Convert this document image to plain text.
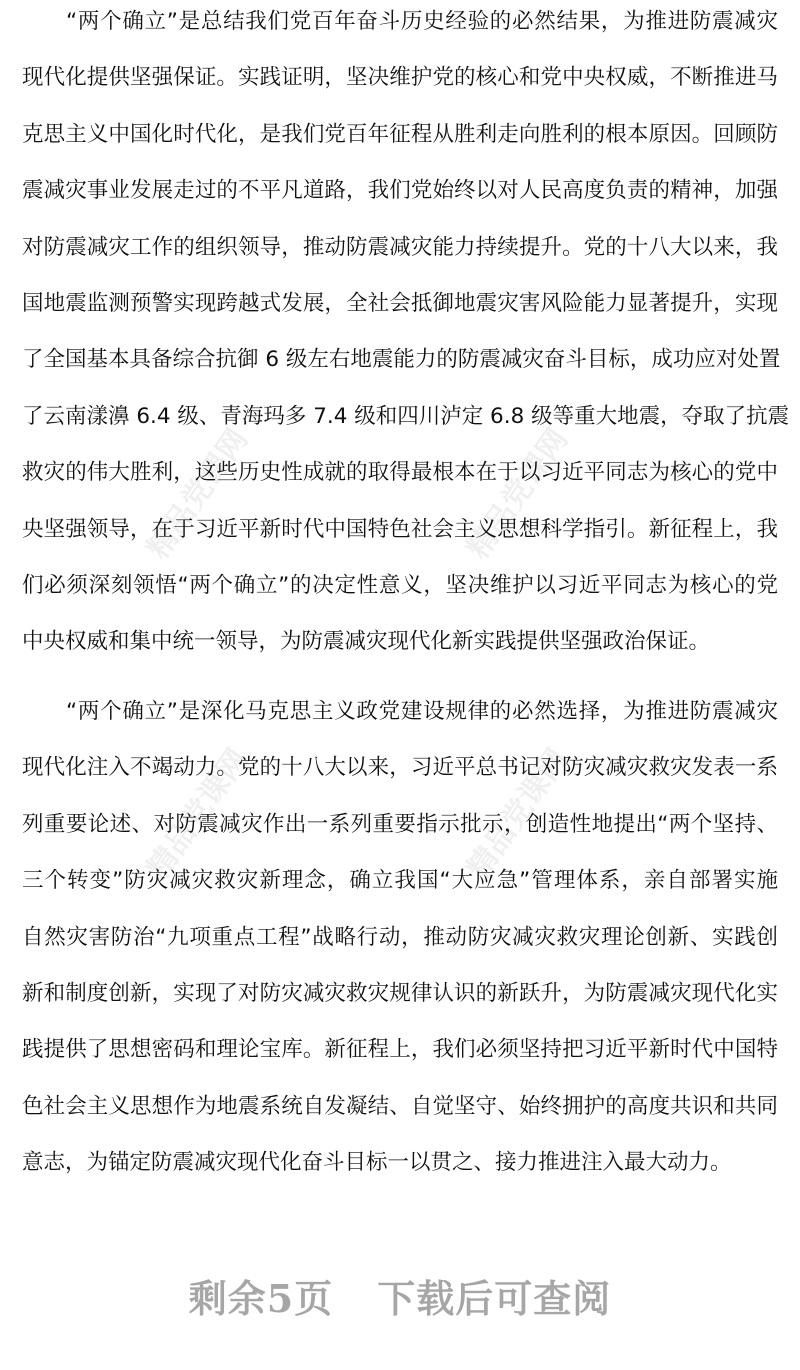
精品党课网	精品党课网
精品党课网	精品党课网
“两个确立”是总结我们党百年奋斗历史经验的必然结果，为推进防震减灾
现代化提供坚强保证。实践证明，坚决维护党的核心和党中央权威，不断推进马
克思主义中国化时代化，是我们党百年征程从胜利走向胜利的根本原因。回顾防
震减灾事业发展走过的不平凡道路，我们党始终以对人民高度负责的精神，加强
对防震减灾工作的组织领导，推动防震减灾能力持续提升。党的十八大以来，我
国地震监测预警实现跨越式发展，全社会抵御地震灾害风险能力显著提升，实现
了全国基本具备综合抗御 6 级左右地震能力的防震减灾奋斗目标，成功应对处置
了云南漾濞 6.4 级、青海玛多 7.4 级和四川泸定 6.8 级等重大地震，夺取了抗震
救灾的伟大胜利，这些历史性成就的取得最根本在于以习近平同志为核心的党中
央坚强领导，在于习近平新时代中国特色社会主义思想科学指引。新征程上，我
们必须深刻领悟“两个确立”的决定性意义，坚决维护以习近平同志为核心的党
中央权威和集中统一领导，为防震减灾现代化新实践提供坚强政治保证。
“两个确立”是深化马克思主义政党建设规律的必然选择，为推进防震减灾
现代化注入不竭动力。党的十八大以来，习近平总书记对防灾减灾救灾发表一系
列重要论述、对防震减灾作出一系列重要指示批示，创造性地提出“两个坚持、
三个转变”防灾减灾救灾新理念，确立我国“大应急”管理体系，亲自部署实施
自然灾害防治“九项重点工程”战略行动，推动防灾减灾救灾理论创新、实践创
新和制度创新，实现了对防灾减灾救灾规律认识的新跃升，为防震减灾现代化实
践提供了思想密码和理论宝库。新征程上，我们必须坚持把习近平新时代中国特
色社会主义思想作为地震系统自发凝结、自觉坚守、始终拥护的高度共识和共同
意志，为锚定防震减灾现代化奋斗目标一以贯之、接力推进注入最大动力。
剩余5页 下载后可查阅
